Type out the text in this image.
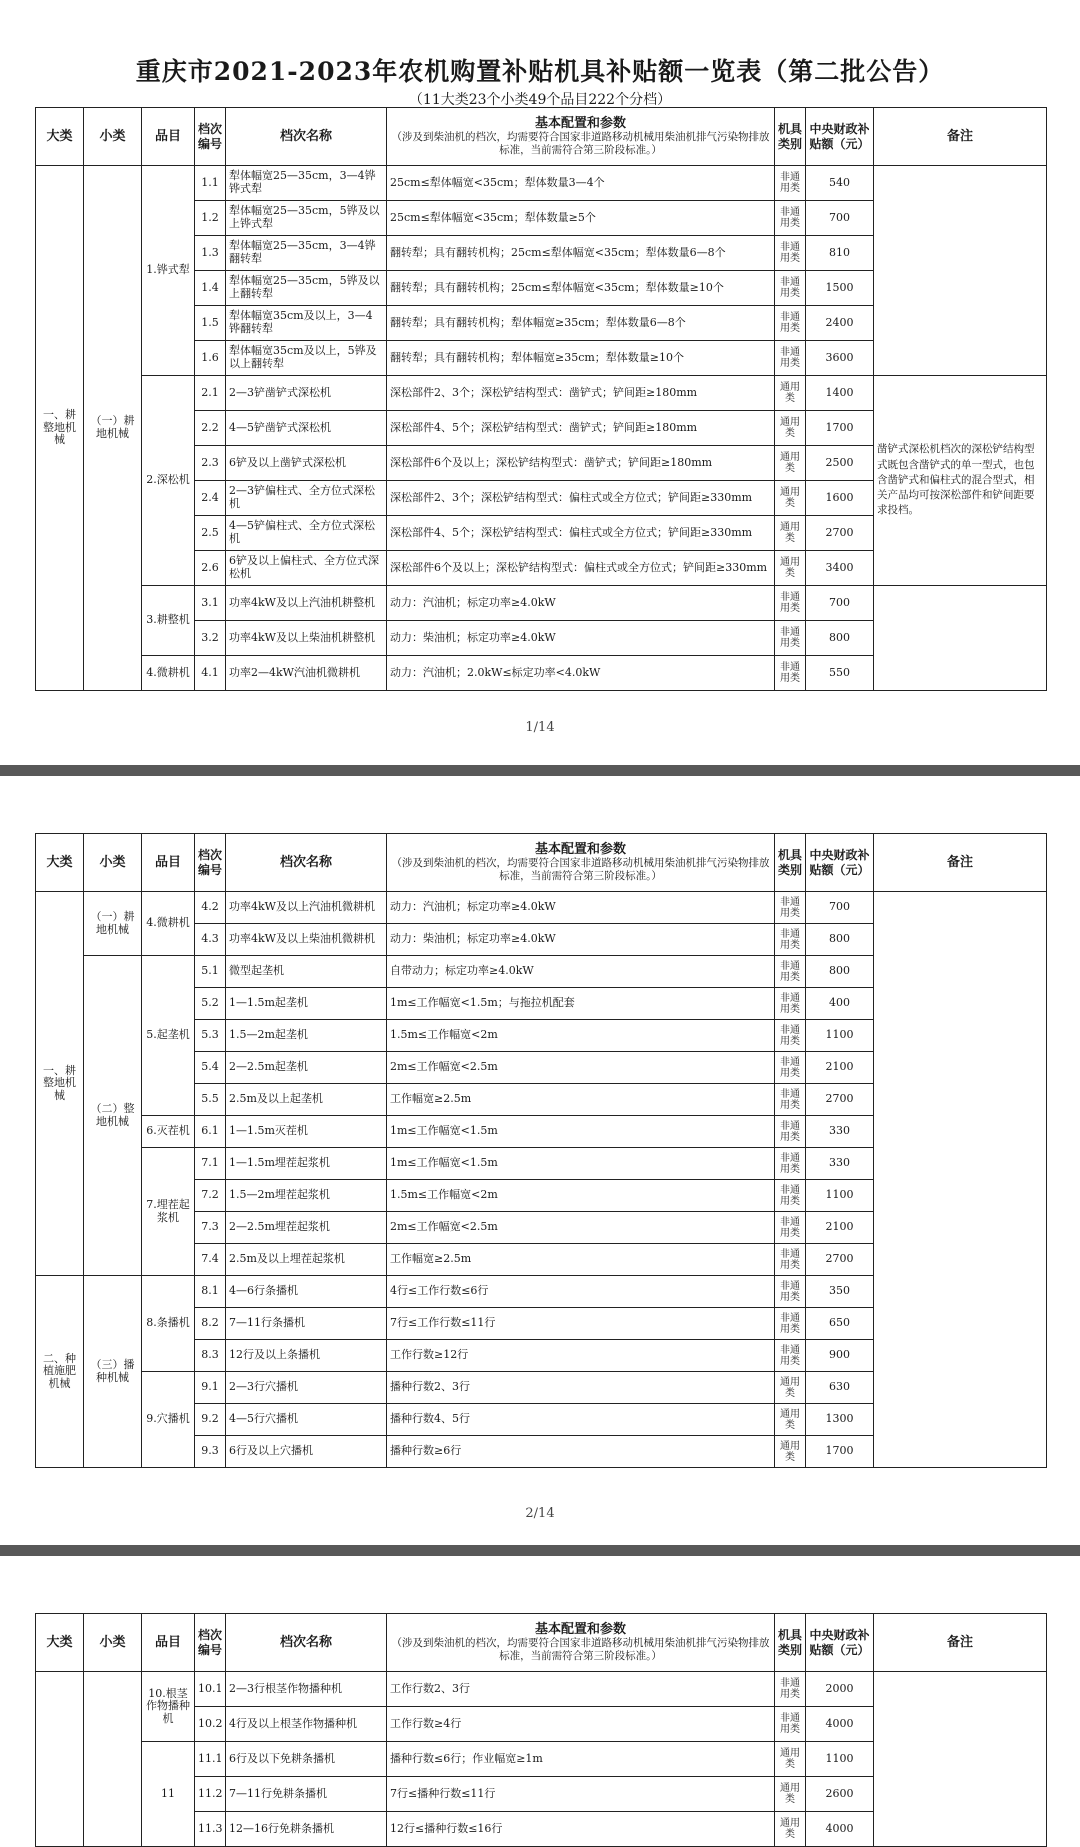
重庆市2021-2023年农机购置补贴机具补贴额一览表（第二批公告）
（11大类23个小类49个品目222个分档）
大类	小类	品目	档次编号	档次名称	基本配置和参数
（涉及到柴油机的档次，均需要符合国家非道路移动机械用柴油机排气污染物排放标准，当前需符合第三阶段标准。）	机具类别	中央财政补贴额（元）	备注
一、耕整地机械	（一）耕地机械	1.铧式犁	1.1	犁体幅宽25—35cm，3—4铧铧式犁	25cm≤犁体幅宽<35cm；犁体数量3—4个	非通用类	540	
			1.2	犁体幅宽25—35cm，5铧及以上铧式犁	25cm≤犁体幅宽<35cm；犁体数量≥5个	非通用类	700	
			1.3	犁体幅宽25—35cm，3—4铧翻转犁	翻转犁；具有翻转机构；25cm≤犁体幅宽<35cm；犁体数量6—8个	非通用类	810	
			1.4	犁体幅宽25—35cm，5铧及以上翻转犁	翻转犁；具有翻转机构；25cm≤犁体幅宽<35cm；犁体数量≥10个	非通用类	1500	
			1.5	犁体幅宽35cm及以上，3—4铧翻转犁	翻转犁；具有翻转机构；犁体幅宽≥35cm；犁体数量6—8个	非通用类	2400	
			1.6	犁体幅宽35cm及以上，5铧及以上翻转犁	翻转犁；具有翻转机构；犁体幅宽≥35cm；犁体数量≥10个	非通用类	3600	
		2.深松机	2.1	2—3铲凿铲式深松机	深松部件2、3个；深松铲结构型式：凿铲式；铲间距≥180mm	通用类	1400	凿铲式深松机档次的深松铲结构型式既包含凿铲式的单一型式，也包含凿铲式和偏柱式的混合型式，相关产品均可按深松部件和铲间距要求投档。
			2.2	4—5铲凿铲式深松机	深松部件4、5个；深松铲结构型式：凿铲式；铲间距≥180mm	通用类	1700	
			2.3	6铲及以上凿铲式深松机	深松部件6个及以上；深松铲结构型式：凿铲式；铲间距≥180mm	通用类	2500	
			2.4	2—3铲偏柱式、全方位式深松机	深松部件2、3个；深松铲结构型式：偏柱式或全方位式；铲间距≥330mm	通用类	1600	
			2.5	4—5铲偏柱式、全方位式深松机	深松部件4、5个；深松铲结构型式：偏柱式或全方位式；铲间距≥330mm	通用类	2700	
			2.6	6铲及以上偏柱式、全方位式深松机	深松部件6个及以上；深松铲结构型式：偏柱式或全方位式；铲间距≥330mm	通用类	3400	
		3.耕整机	3.1	功率4kW及以上汽油机耕整机	动力：汽油机；标定功率≥4.0kW	非通用类	700	
			3.2	功率4kW及以上柴油机耕整机	动力：柴油机；标定功率≥4.0kW	非通用类	800	
		4.微耕机	4.1	功率2—4kW汽油机微耕机	动力：汽油机；2.0kW≤标定功率<4.0kW	非通用类	550	
1/14
大类	小类	品目	档次编号	档次名称	基本配置和参数
（涉及到柴油机的档次，均需要符合国家非道路移动机械用柴油机排气污染物排放标准，当前需符合第三阶段标准。）	机具类别	中央财政补贴额（元）	备注
一、耕整地机械	（一）耕地机械	4.微耕机	4.2	功率4kW及以上汽油机微耕机	动力：汽油机；标定功率≥4.0kW	非通用类	700	
			4.3	功率4kW及以上柴油机微耕机	动力：柴油机；标定功率≥4.0kW	非通用类	800	
	（二）整地机械	5.起垄机	5.1	微型起垄机	自带动力；标定功率≥4.0kW	非通用类	800	
			5.2	1—1.5m起垄机	1m≤工作幅宽<1.5m；与拖拉机配套	非通用类	400	
			5.3	1.5—2m起垄机	1.5m≤工作幅宽<2m	非通用类	1100	
			5.4	2—2.5m起垄机	2m≤工作幅宽<2.5m	非通用类	2100	
			5.5	2.5m及以上起垄机	工作幅宽≥2.5m	非通用类	2700	
		6.灭茬机	6.1	1—1.5m灭茬机	1m≤工作幅宽<1.5m	非通用类	330	
		7.埋茬起浆机	7.1	1—1.5m埋茬起浆机	1m≤工作幅宽<1.5m	非通用类	330	
			7.2	1.5—2m埋茬起浆机	1.5m≤工作幅宽<2m	非通用类	1100	
			7.3	2—2.5m埋茬起浆机	2m≤工作幅宽<2.5m	非通用类	2100	
			7.4	2.5m及以上埋茬起浆机	工作幅宽≥2.5m	非通用类	2700	
二、种植施肥机械	（三）播种机械	8.条播机	8.1	4—6行条播机	4行≤工作行数≤6行	非通用类	350	
			8.2	7—11行条播机	7行≤工作行数≤11行	非通用类	650	
			8.3	12行及以上条播机	工作行数≥12行	非通用类	900	
		9.穴播机	9.1	2—3行穴播机	播种行数2、3行	通用类	630	
			9.2	4—5行穴播机	播种行数4、5行	通用类	1300	
			9.3	6行及以上穴播机	播种行数≥6行	通用类	1700	
2/14
大类	小类	品目	档次编号	档次名称	基本配置和参数
（涉及到柴油机的档次，均需要符合国家非道路移动机械用柴油机排气污染物排放标准，当前需符合第三阶段标准。）	机具类别	中央财政补贴额（元）	备注
		10.根茎作物播种机	10.1	2—3行根茎作物播种机	工作行数2、3行	非通用类	2000	
			10.2	4行及以上根茎作物播种机	工作行数≥4行	非通用类	4000	
		11	11.1	6行及以下免耕条播机	播种行数≤6行；作业幅宽≥1m	通用类	1100	
			11.2	7—11行免耕条播机	7行≤播种行数≤11行	通用类	2600	
			11.3	12—16行免耕条播机	12行≤播种行数≤16行	通用类	4000	
